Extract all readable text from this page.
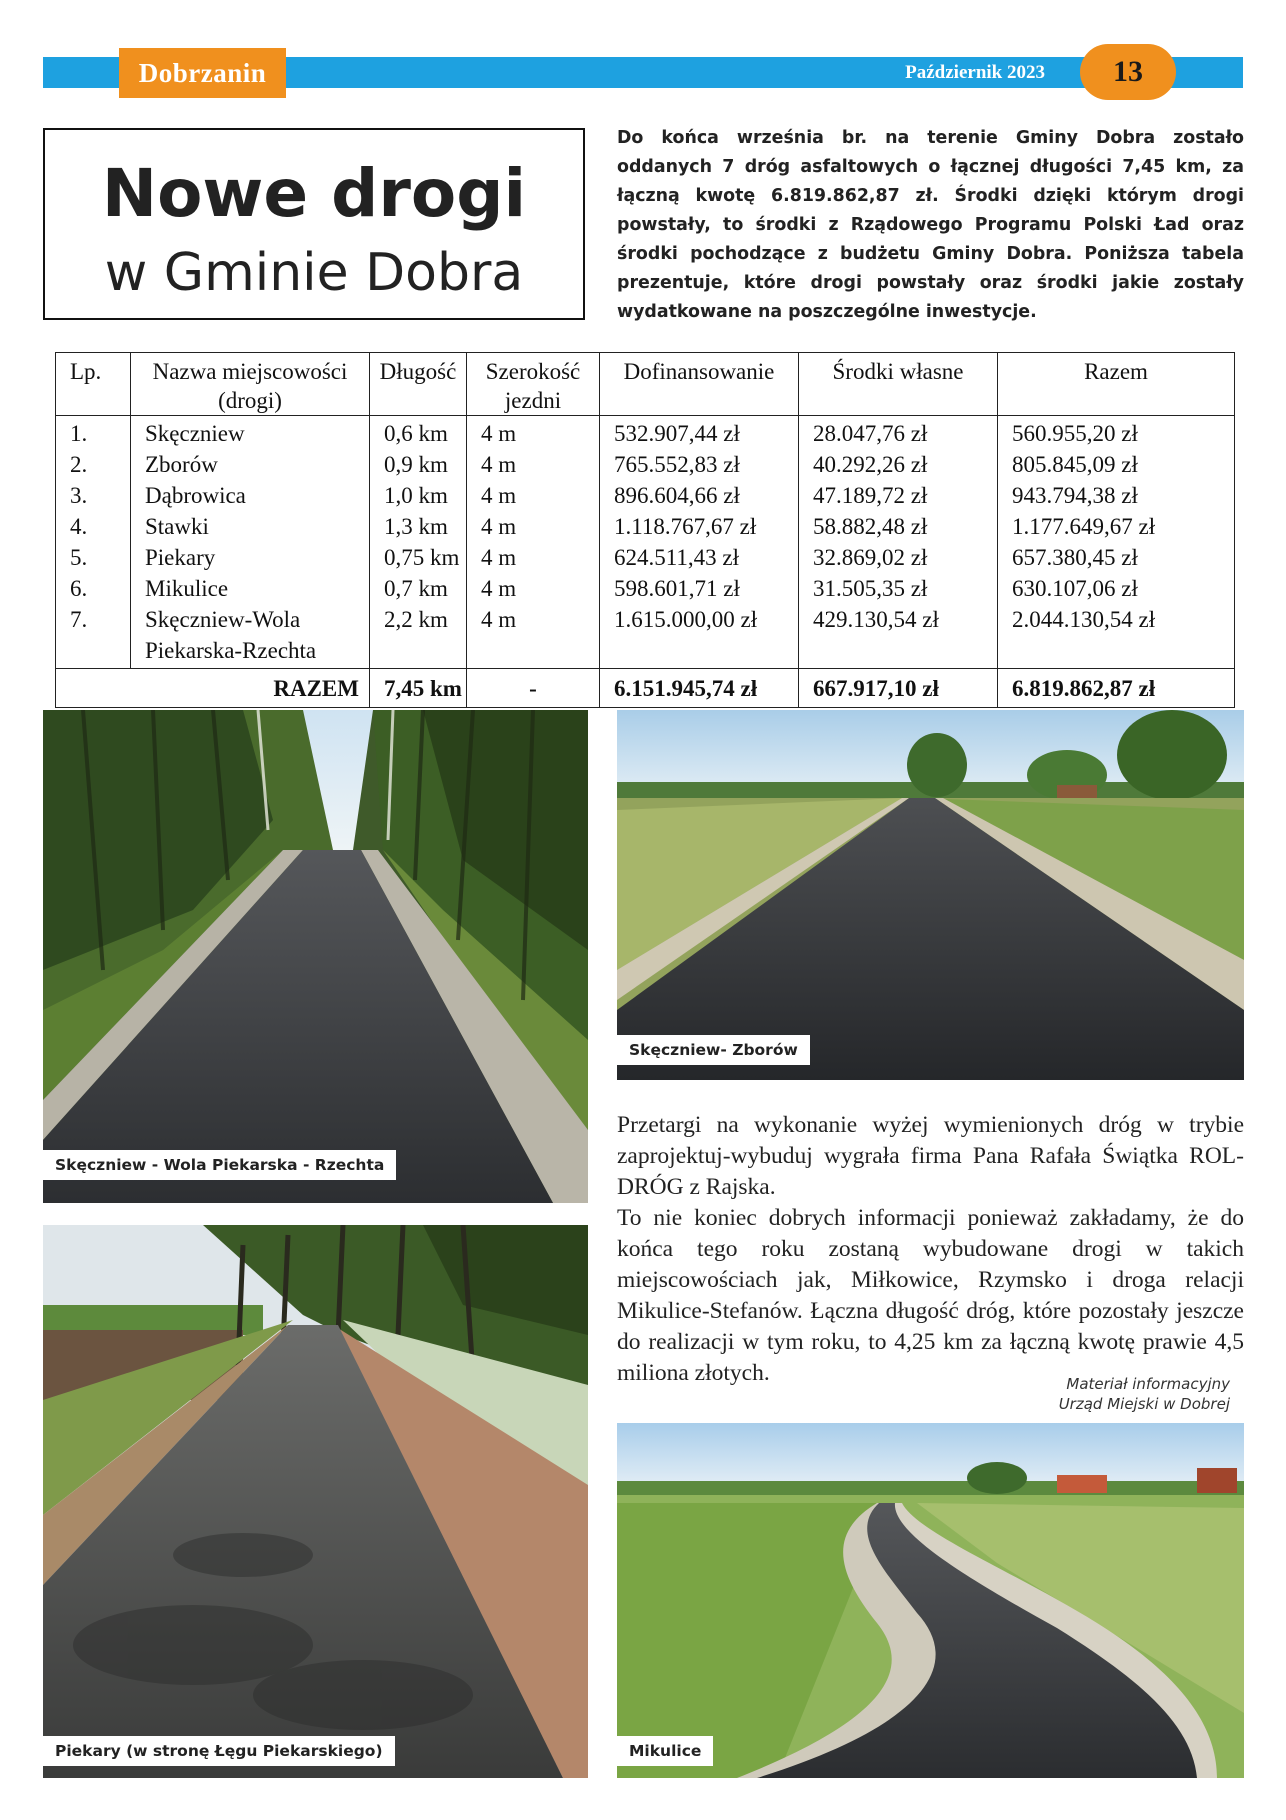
Dobrzanin	Październik 2023	13
Nowe drogi
w Gminie Dobra

Do końca września br. na terenie Gminy Dobra zostało oddanych 7 dróg asfaltowych o łącznej długości 7,45 km, za łączną kwotę 6.819.862,87 zł. Środki dzięki którym drogi powstały, to środki z Rządowego Programu Polski Ład oraz środki pochodzące z budżetu Gminy Dobra. Poniższa tabela prezentuje, które drogi powstały oraz środki jakie zostały wydatkowane na poszczególne inwestycje.

Lp.	Nazwa miejscowości (drogi)	Długość	Szerokość jezdni	Dofinansowanie	Środki własne	Razem
1.	Skęczniew	0,6 km	4 m	532.907,44 zł	28.047,76 zł	560.955,20 zł
2.	Zborów	0,9 km	4 m	765.552,83 zł	40.292,26 zł	805.845,09 zł
3.	Dąbrowica	1,0 km	4 m	896.604,66 zł	47.189,72 zł	943.794,38 zł
4.	Stawki	1,3 km	4 m	1.118.767,67 zł	58.882,48 zł	1.177.649,67 zł
5.	Piekary	0,75 km	4 m	624.511,43 zł	32.869,02 zł	657.380,45 zł
6.	Mikulice	0,7 km	4 m	598.601,71 zł	31.505,35 zł	630.107,06 zł
7.	Skęczniew-Wola Piekarska-Rzechta	2,2 km	4 m	1.615.000,00 zł	429.130,54 zł	2.044.130,54 zł
RAZEM		7,45 km	-	6.151.945,74 zł	667.917,10 zł	6.819.862,87 zł
Skęczniew - Wola Piekarska - Rzechta
Skęczniew- Zborów

Przetargi na wykonanie wyżej wymienionych dróg w trybie zaprojektuj-wybuduj wygrała firma Pana Rafała Świątka ROL-DRÓG z Rajska.

To nie koniec dobrych informacji ponieważ zakładamy, że do końca tego roku zostaną wybudowane drogi w takich miejscowościach jak, Miłkowice, Rzymsko i droga relacji Mikulice-Stefanów. Łączna długość dróg, które pozostały jeszcze do realizacji w tym roku, to 4,25 km za łączną kwotę prawie 4,5 miliona złotych.	Materiał informacyjny
Urząd Miejski w Dobrej
Piekary (w stronę Łęgu Piekarskiego)	Mikulice
